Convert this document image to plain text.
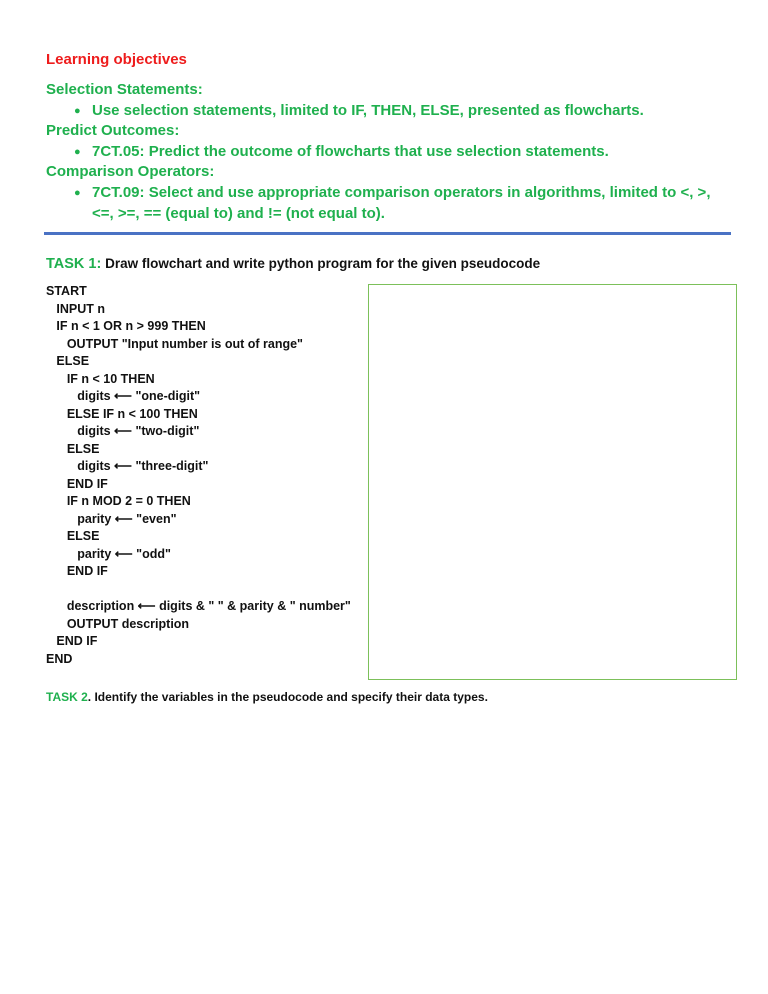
Learning objectives
Selection Statements:
● Use selection statements, limited to IF, THEN, ELSE, presented as flowcharts.
Predict Outcomes:
● 7CT.05: Predict the outcome of flowcharts that use selection statements.
Comparison Operators:
● 7CT.09: Select and use appropriate comparison operators in algorithms, limited to <, >,
<=, >=, == (equal to) and != (not equal to).
TASK 1: Draw flowchart and write python program for the given pseudocode
START
INPUT n
IF n < 1 OR n > 999 THEN
OUTPUT "Input number is out of range"
ELSE
IF n < 10 THEN
digits ⟵ "one-digit"
ELSE IF n < 100 THEN
digits ⟵ "two-digit"
ELSE
digits ⟵ "three-digit"
END IF
IF n MOD 2 = 0 THEN
parity ⟵ "even"
ELSE
parity ⟵ "odd"
END IF
description ⟵ digits & " " & parity & " number"
OUTPUT description
END IF
END
TASK 2. Identify the variables in the pseudocode and specify their data types.
